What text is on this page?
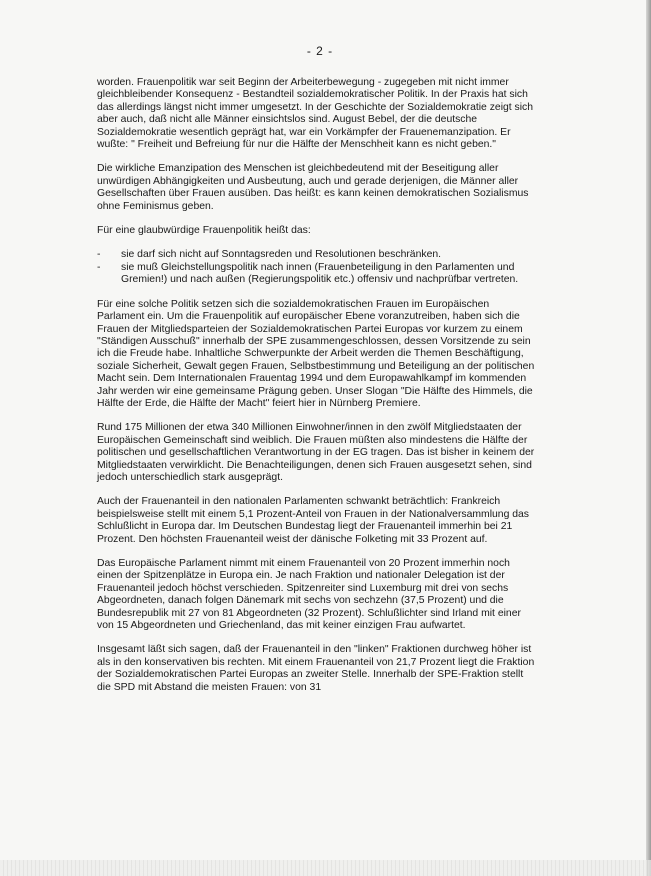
- 2 -

worden. Frauenpolitik war seit Beginn der Arbeiterbewegung - zugegeben mit nicht immer gleichbleibender Konsequenz - Bestandteil sozialdemokratischer Politik. In der Praxis hat sich das allerdings längst nicht immer umgesetzt. In der Geschichte der Sozialdemokratie zeigt sich aber auch, daß nicht alle Männer einsichtslos sind. August Bebel, der die deutsche Sozialdemokratie wesentlich geprägt hat, war ein Vorkämpfer der Frauenemanzipation. Er wußte: " Freiheit und Befreiung für nur die Hälfte der Menschheit kann es nicht geben."

Die wirkliche Emanzipation des Menschen ist gleichbedeutend mit der Beseitigung aller unwürdigen Abhängigkeiten und Ausbeutung, auch und gerade derjenigen, die Männer aller Gesellschaften über Frauen ausüben. Das heißt: es kann keinen demokratischen Sozialismus ohne Feminismus geben.

Für eine glaubwürdige Frauenpolitik heißt das:

- sie darf sich nicht auf Sonntagsreden und Resolutionen beschränken.
- sie muß Gleichstellungspolitik nach innen (Frauenbeteiligung in den Parlamenten und Gremien!) und nach außen (Regierungspolitik etc.) offensiv und nachprüfbar vertreten.

Für eine solche Politik setzen sich die sozialdemokratischen Frauen im Europäischen Parlament ein. Um die Frauenpolitik auf europäischer Ebene voranzutreiben, haben sich die Frauen der Mitgliedsparteien der Sozialdemokratischen Partei Europas vor kurzem zu einem "Ständigen Ausschuß" innerhalb der SPE zusammengeschlossen, dessen Vorsitzende zu sein ich die Freude habe. Inhaltliche Schwerpunkte der Arbeit werden die Themen Beschäftigung, soziale Sicherheit, Gewalt gegen Frauen, Selbstbestimmung und Beteiligung an der politischen Macht sein. Dem Internationalen Frauentag 1994 und dem Europawahlkampf im kommenden Jahr werden wir eine gemeinsame Prägung geben. Unser Slogan "Die Hälfte des Himmels, die Hälfte der Erde, die Hälfte der Macht" feiert hier in Nürnberg Premiere.

Rund 175 Millionen der etwa 340 Millionen Einwohner/innen in den zwölf Mitgliedstaaten der Europäischen Gemeinschaft sind weiblich. Die Frauen müßten also mindestens die Hälfte der politischen und gesellschaftlichen Verantwortung in der EG tragen. Das ist bisher in keinem der Mitgliedstaaten verwirklicht. Die Benachteiligungen, denen sich Frauen ausgesetzt sehen, sind jedoch unterschiedlich stark ausgeprägt.

Auch der Frauenanteil in den nationalen Parlamenten schwankt beträchtlich: Frankreich beispielsweise stellt mit einem 5,1 Prozent-Anteil von Frauen in der Nationalversammlung das Schlußlicht in Europa dar. Im Deutschen Bundestag liegt der Frauenanteil immerhin bei 21 Prozent. Den höchsten Frauenanteil weist der dänische Folketing mit 33 Prozent auf.

Das Europäische Parlament nimmt mit einem Frauenanteil von 20 Prozent immerhin noch einen der Spitzenplätze in Europa ein. Je nach Fraktion und nationaler Delegation ist der Frauenanteil jedoch höchst verschieden. Spitzenreiter sind Luxemburg mit drei von sechs Abgeordneten, danach folgen Dänemark mit sechs von sechzehn (37,5 Prozent) und die Bundesrepublik mit 27 von 81 Abgeordneten (32 Prozent). Schlußlichter sind Irland mit einer von 15 Abgeordneten und Griechenland, das mit keiner einzigen Frau aufwartet.

Insgesamt läßt sich sagen, daß der Frauenanteil in den "linken" Fraktionen durchweg höher ist als in den konservativen bis rechten. Mit einem Frauenanteil von 21,7 Prozent liegt die Fraktion der Sozialdemokratischen Partei Europas an zweiter Stelle. Innerhalb der SPE-Fraktion stellt die SPD mit Abstand die meisten Frauen: von 31
